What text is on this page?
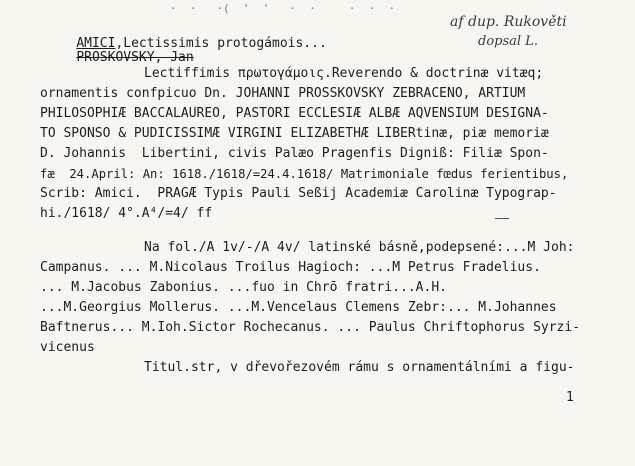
·  ·   ·(  '  '   ·  ·     ·  ·  ·
af dup. Rukověti
dopsal L.

AMICI,Lectissimis protogámois...

PROSKOVSKY, Jan

Lectiffimis πρωτογάμοις.Reverendo & doctrinæ vitæq;
ornamentis confpicuo Dn. JOHANNI PROSSKOVSKY ZEBRACENO, ARTIUM
PHILOSOPHIÆ BACCALAUREO, PASTORI ECCLESIÆ ALBÆ AQVENSIUM DESIGNA-
TO SPONSO & PUDICISSIMÆ VIRGINI ELIZABETHÆ LIBERtinæ, piæ memoriæ
D. Johannis  Libertini, civis Palæo Pragenfis Digniß: Filiæ Spon-
fæ  24.April: An: 1618./1618/=24.4.1618/ Matrimoniale fœdus ferientibus,
Scrib: Amici.  PRAGÆ Typis Pauli Seßij Academiæ Carolinæ Typograp-
hi./1618/ 4°.A⁴/=4/ ff
Na fol./A 1v/-/A 4v/ latinské básně,podepsené:...M Joh:
Campanus. ... M.Nicolaus Troilus Hagioch: ...M Petrus Fradelius.
... M.Jacobus Zabonius. ...fuo in Chrō fratri...A.H.
...M.Georgius Mollerus. ...M.Vencelaus Clemens Zebr:... M.Johannes
Baftnerus... M.Ioh.Sictor Rochecanus. ... Paulus Chriftophorus Syrzi-
vicenus
Titul.str, v dřevořezovém rámu s ornamentálními a figu-
1
